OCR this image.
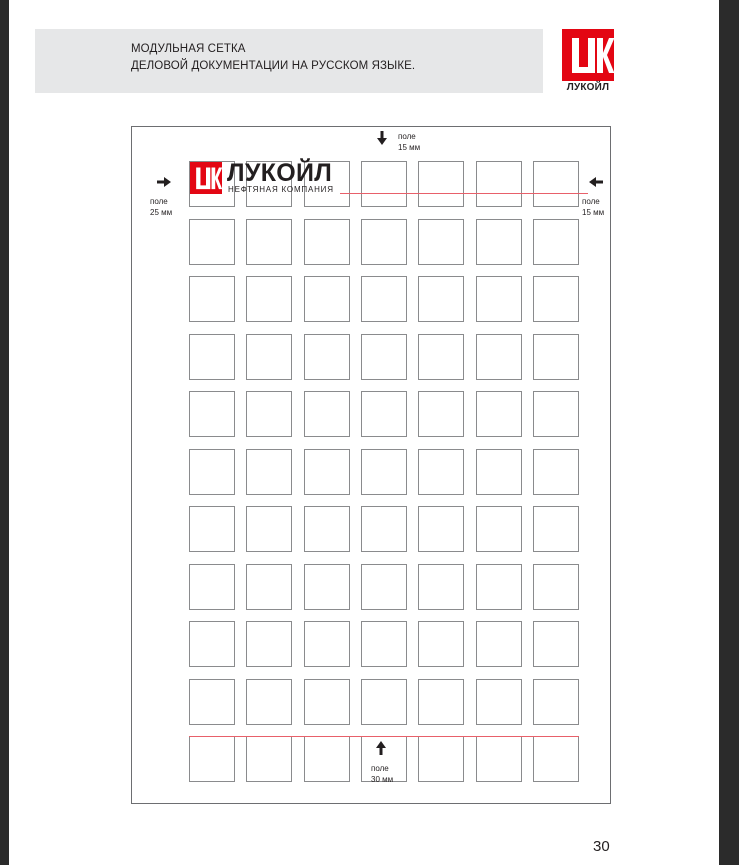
МОДУЛЬНАЯ СЕТКА
ДЕЛОВОЙ ДОКУМЕНТАЦИИ НА РУССКОМ ЯЗЫКЕ.
ЛУКОЙЛ
ЛУКОЙЛ
НЕФТЯНАЯ КОМПАНИЯ
поле
15 мм
поле
25 мм
поле
15 мм
поле
30 мм
30
